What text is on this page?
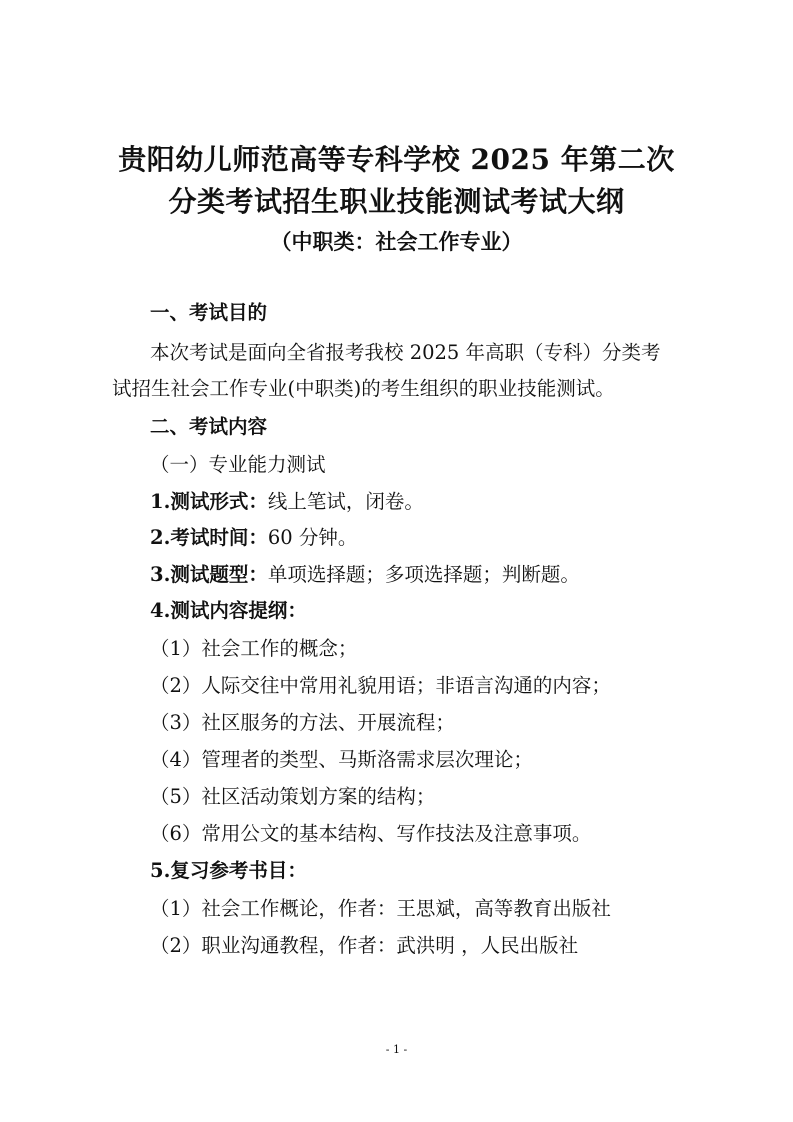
贵阳幼儿师范高等专科学校 2025 年第二次
分类考试招生职业技能测试考试大纲
（中职类：社会工作专业）
一、考试目的
本次考试是面向全省报考我校 2025 年高职（专科）分类考
试招生社会工作专业(中职类)的考生组织的职业技能测试。
二、考试内容
（一）专业能力测试
1.测试形式：线上笔试，闭卷。
2.考试时间：60 分钟。
3.测试题型：单项选择题；多项选择题；判断题。
4.测试内容提纲：
（1）社会工作的概念；
（2）人际交往中常用礼貌用语；非语言沟通的内容；
（3）社区服务的方法、开展流程；
（4）管理者的类型、马斯洛需求层次理论；
（5）社区活动策划方案的结构；
（6）常用公文的基本结构、写作技法及注意事项。
5.复习参考书目：
（1）社会工作概论，作者：王思斌，高等教育出版社
（2）职业沟通教程，作者：武洪明 ，人民出版社
- 1 -
